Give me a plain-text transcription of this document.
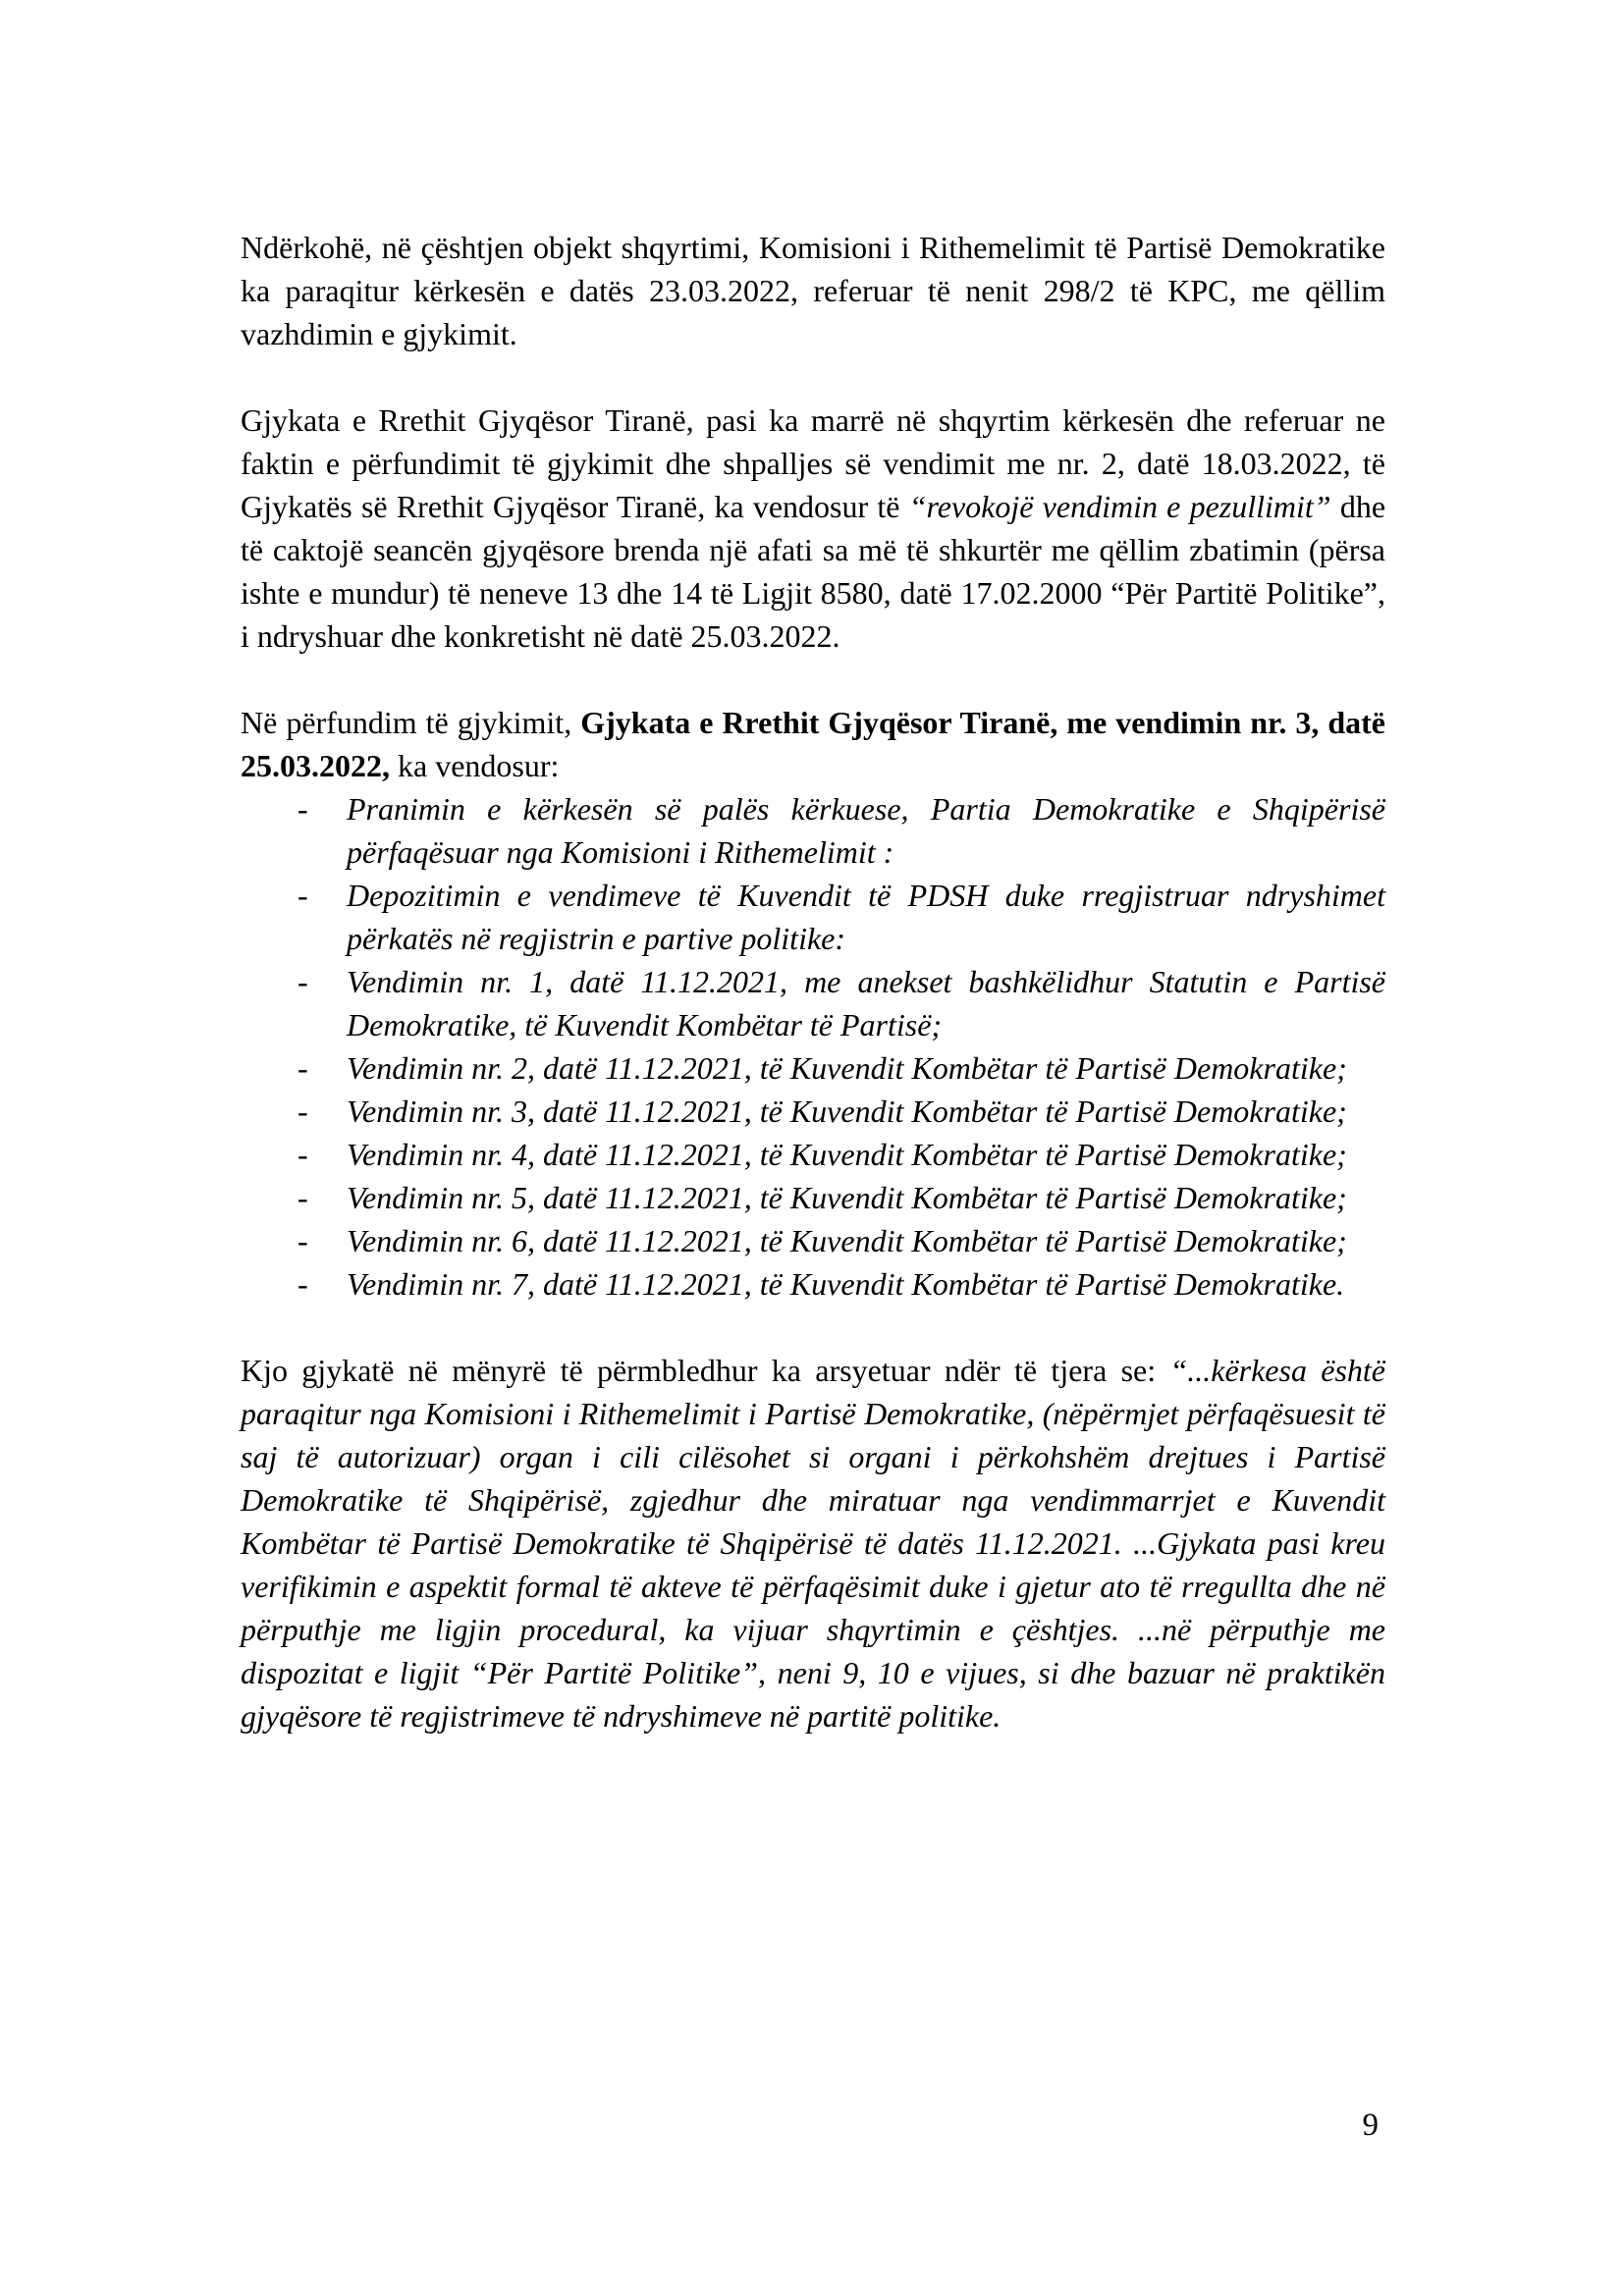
Ndërkohë, në çështjen objekt shqyrtimi, Komisioni i Rithemelimit të Partisë Demokratike ka paraqitur kërkesën e datës 23.03.2022, referuar të nenit 298/2 të KPC, me qëllim vazhdimin e gjykimit.

Gjykata e Rrethit Gjyqësor Tiranë, pasi ka marrë në shqyrtim kërkesën dhe referuar ne faktin e përfundimit të gjykimit dhe shpalljes së vendimit me nr. 2, datë 18.03.2022, të Gjykatës së Rrethit Gjyqësor Tiranë, ka vendosur të “revokojë vendimin e pezullimit” dhe të caktojë seancën gjyqësore brenda një afati sa më të shkurtër me qëllim zbatimin (përsa ishte e mundur) të neneve 13 dhe 14 të Ligjit 8580, datë 17.02.2000 “Për Partitë Politike”, i ndryshuar dhe konkretisht në datë 25.03.2022.

Në përfundim të gjykimit, Gjykata e Rrethit Gjyqësor Tiranë, me vendimin nr. 3, datë 25.03.2022, ka vendosur:

- Pranimin e kërkesën së palës kërkuese, Partia Demokratike e Shqipërisë përfaqësuar nga Komisioni i Rithemelimit :
- Depozitimin e vendimeve të Kuvendit të PDSH duke rregjistruar ndryshimet përkatës në regjistrin e partive politike:
- Vendimin nr. 1, datë 11.12.2021, me anekset bashkëlidhur Statutin e Partisë Demokratike, të Kuvendit Kombëtar të Partisë;
- Vendimin nr. 2, datë 11.12.2021, të Kuvendit Kombëtar të Partisë Demokratike;
- Vendimin nr. 3, datë 11.12.2021, të Kuvendit Kombëtar të Partisë Demokratike;
- Vendimin nr. 4, datë 11.12.2021, të Kuvendit Kombëtar të Partisë Demokratike;
- Vendimin nr. 5, datë 11.12.2021, të Kuvendit Kombëtar të Partisë Demokratike;
- Vendimin nr. 6, datë 11.12.2021, të Kuvendit Kombëtar të Partisë Demokratike;
- Vendimin nr. 7, datë 11.12.2021, të Kuvendit Kombëtar të Partisë Demokratike.

Kjo gjykatë në mënyrë të përmbledhur ka arsyetuar ndër të tjera se: “...kërkesa është paraqitur nga Komisioni i Rithemelimit i Partisë Demokratike, (nëpërmjet përfaqësuesit të saj të autorizuar) organ i cili cilësohet si organi i përkohshëm drejtues i Partisë Demokratike të Shqipërisë, zgjedhur dhe miratuar nga vendimmarrjet e Kuvendit Kombëtar të Partisë Demokratike të Shqipërisë të datës 11.12.2021. ...Gjykata pasi kreu verifikimin e aspektit formal të akteve të përfaqësimit duke i gjetur ato të rregullta dhe në përputhje me ligjin procedural, ka vijuar shqyrtimin e çështjes. ...në përputhje me dispozitat e ligjit “Për Partitë Politike”, neni 9, 10 e vijues, si dhe bazuar në praktikën gjyqësore të regjistrimeve të ndryshimeve në partitë politike.

9
